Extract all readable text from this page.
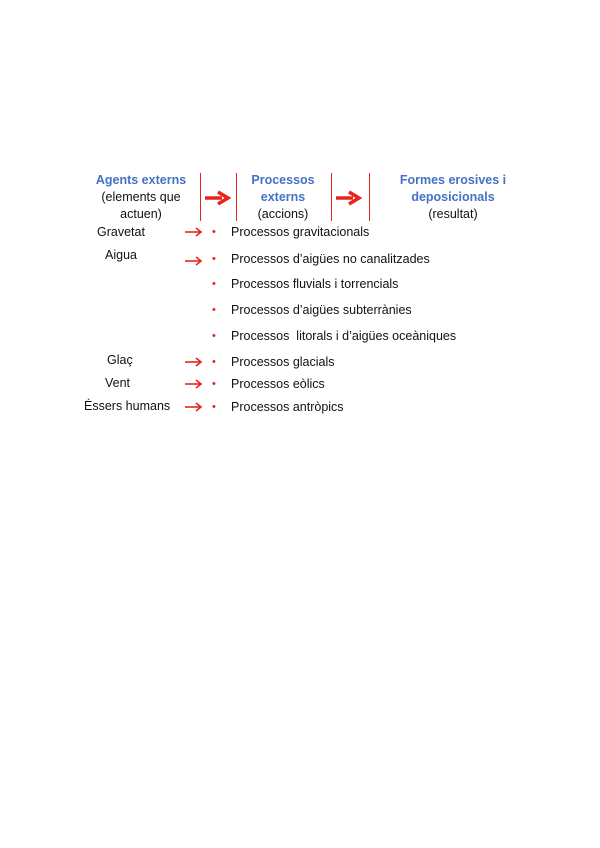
Agents externs
(elements que
actuen)
Processos
externs
(accions)
Formes erosives i
deposicionals
(resultat)
Gravetat
Aigua
Glaç
Vent
Éssers humans
•
•
•
•
•
•
•
•
Processos gravitacionals
Processos d’aigües no canalitzades
Processos fluvials i torrencials
Processos d’aigües subterrànies
Processos  litorals i d’aigües oceàniques
Processos glacials
Processos eòlics
Processos antròpics
